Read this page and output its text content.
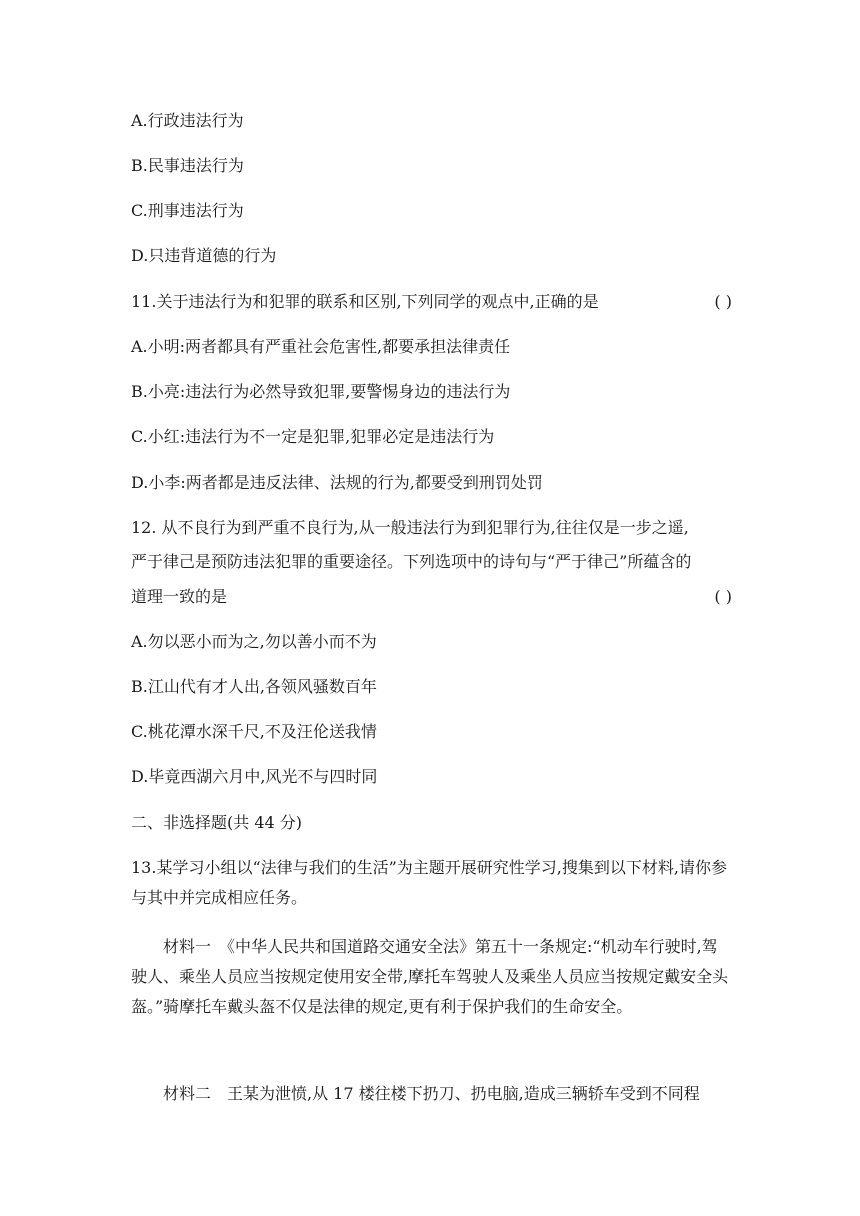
A.行政违法行为
B.民事违法行为
C.刑事违法行为
D.只违背道德的行为
11.关于违法行为和犯罪的联系和区别,下列同学的观点中,正确的是	( )
A.小明:两者都具有严重社会危害性,都要承担法律责任
B.小亮:违法行为必然导致犯罪,要警惕身边的违法行为
C.小红:违法行为不一定是犯罪,犯罪必定是违法行为
D.小李:两者都是违反法律、法规的行为,都要受到刑罚处罚
12. 从不良行为到严重不良行为,从一般违法行为到犯罪行为,往往仅是一步之遥,
严于律己是预防违法犯罪的重要途径。下列选项中的诗句与“严于律己”所蕴含的
道理一致的是	( )
A.勿以恶小而为之,勿以善小而不为
B.江山代有才人出,各领风骚数百年
C.桃花潭水深千尺,不及汪伦送我情
D.毕竟西湖六月中,风光不与四时同
二、非选择题(共 44 分)
13.某学习小组以“法律与我们的生活”为主题开展研究性学习,搜集到以下材料,请你参与其中并完成相应任务。
材料一　《中华人民共和国道路交通安全法》第五十一条规定:“机动车行驶时,驾驶人、乘坐人员应当按规定使用安全带,摩托车驾驶人及乘坐人员应当按规定戴安全头盔。”骑摩托车戴头盔不仅是法律的规定,更有利于保护我们的生命安全。
材料二　王某为泄愤,从 17 楼往楼下扔刀、扔电脑,造成三辆轿车受到不同程
